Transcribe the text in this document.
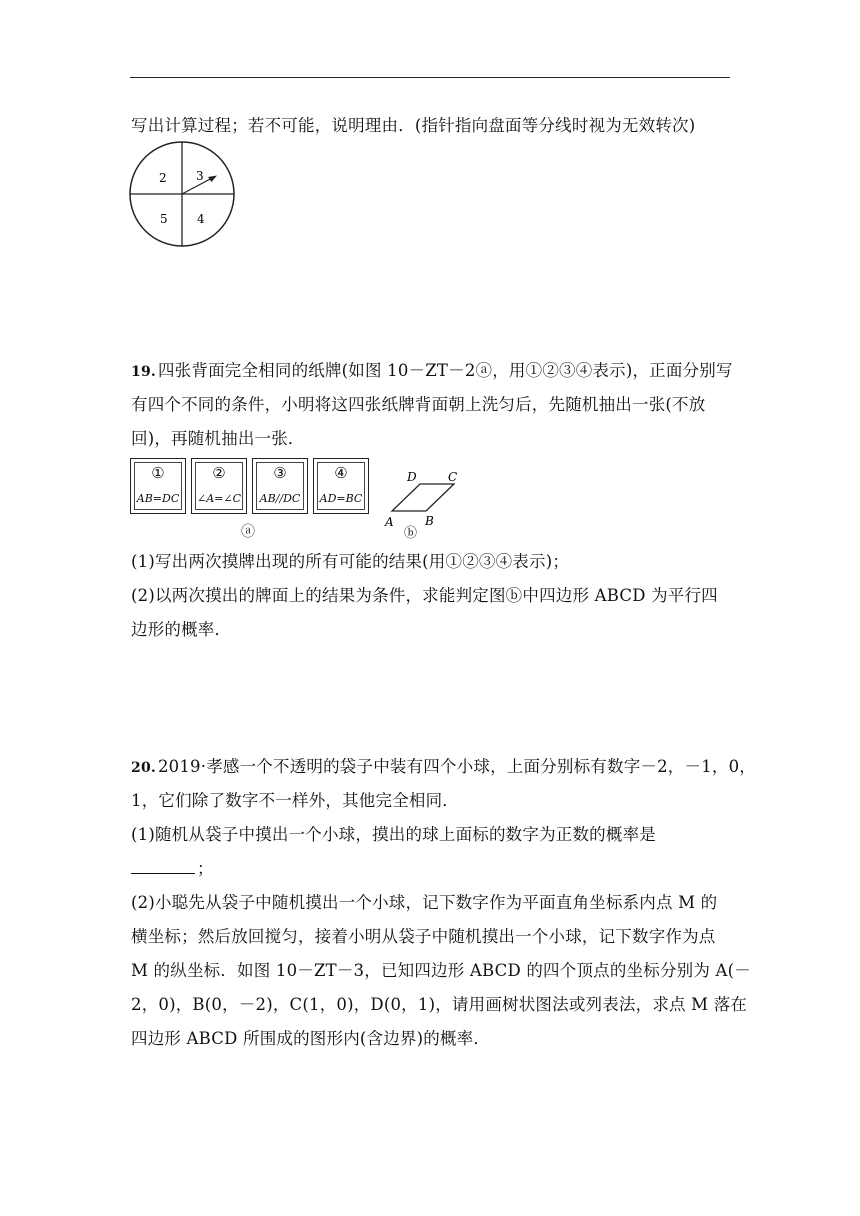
写出计算过程；若不可能，说明理由．(指针指向盘面等分线时视为无效转次)
2 3
5 4
19. 四张背面完全相同的纸牌(如图 10－ZT－2ⓐ，用①②③④表示)，正面分别写
有四个不同的条件，小明将这四张纸牌背面朝上洗匀后，先随机抽出一张(不放
回)，再随机抽出一张．
①
AB=DC
②
∠A=∠C
③
AB//DC
④
AD=BC
ⓐ
D	C
A	B
ⓑ
(1)写出两次摸牌出现的所有可能的结果(用①②③④表示)；
(2)以两次摸出的牌面上的结果为条件，求能判定图ⓑ中四边形 ABCD 为平行四
边形的概率．
20. 2019·孝感一个不透明的袋子中装有四个小球，上面分别标有数字－2，－1，0，
1，它们除了数字不一样外，其他完全相同．
(1)随机从袋子中摸出一个小球，摸出的球上面标的数字为正数的概率是
；
(2)小聪先从袋子中随机摸出一个小球，记下数字作为平面直角坐标系内点 M 的
横坐标；然后放回搅匀，接着小明从袋子中随机摸出一个小球，记下数字作为点
M 的纵坐标．如图 10－ZT－3，已知四边形 ABCD 的四个顶点的坐标分别为 A(－
2，0)，B(0，－2)，C(1，0)，D(0，1)，请用画树状图法或列表法，求点 M 落在
四边形 ABCD 所围成的图形内(含边界)的概率．
